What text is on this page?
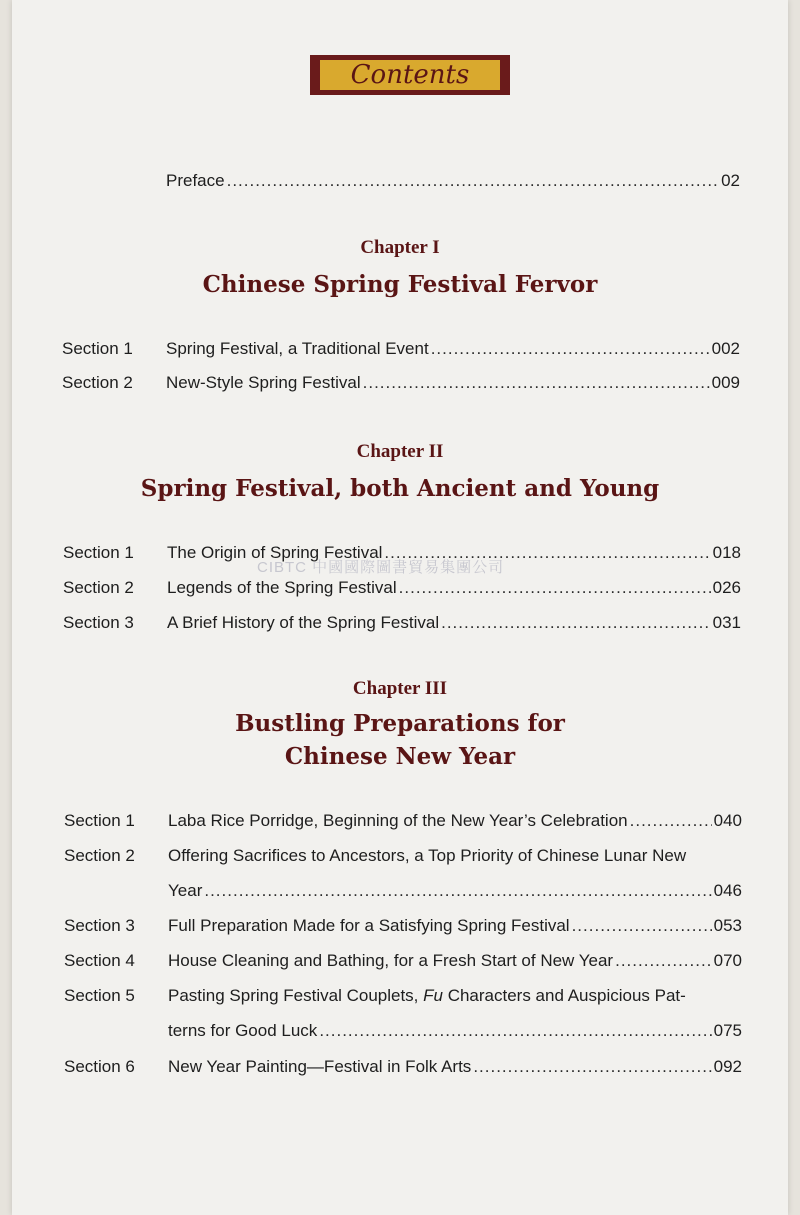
Contents
Preface .....	02
Chapter I
Chinese Spring Festival Fervor
Section 1 Spring Festival, a Traditional Event .....	002
Section 2 New-Style Spring Festival .....	009
Chapter II
Spring Festival, both Ancient and Young
Section 1 The Origin of Spring Festival .....	018
Section 2 Legends of the Spring Festival .....	026
Section 3 A Brief History of the Spring Festival .....	031
Chapter III
Bustling Preparations for
Chinese New Year
Section 1 Laba Rice Porridge, Beginning of the New Year’s Celebration .....	040
Section 2 Offering Sacrifices to Ancestors, a Top Priority of Chinese Lunar New
Year .....	046
Section 3 Full Preparation Made for a Satisfying Spring Festival .....	053
Section 4 House Cleaning and Bathing, for a Fresh Start of New Year .....	070
Section 5 Pasting Spring Festival Couplets, Fu Characters and Auspicious Pat-
terns for Good Luck .....	075
Section 6 New Year Painting—Festival in Folk Arts .....	092
CIBTC 中國國際圖書貿易集團公司
